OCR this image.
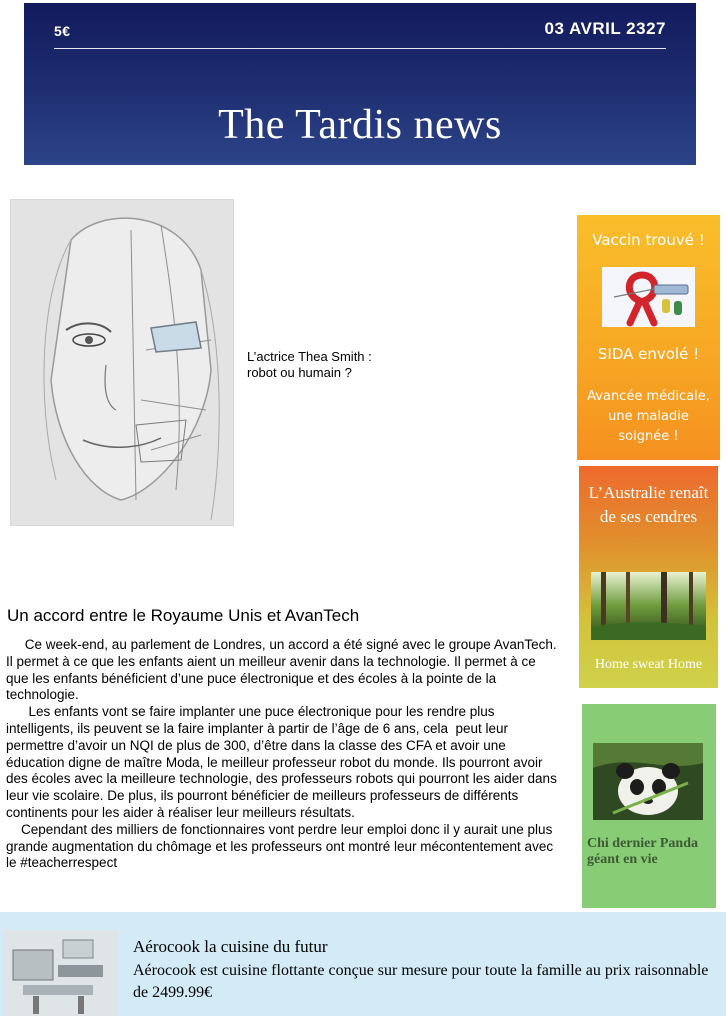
5€	03 AVRIL 2327
The Tardis news
L’actrice Thea Smith :
robot ou humain ?
Un accord entre le Royaume Unis et AvanTech

Ce week-end, au parlement de Londres, un accord a été signé avec le groupe AvanTech. Il permet à ce que les enfants aient un meilleur avenir dans la technologie. Il permet à ce que les enfants bénéficient d’une puce électronique et des écoles à la pointe de la technologie.

Les enfants vont se faire implanter une puce électronique pour les rendre plus intelligents, ils peuvent se la faire implanter à partir de l’âge de 6 ans, cela  peut leur permettre d’avoir un NQI de plus de 300, d’être dans la classe des CFA et avoir une éducation digne de maître Moda, le meilleur professeur robot du monde. Ils pourront avoir des écoles avec la meilleure technologie, des professeurs robots qui pourront les aider dans leur vie scolaire. De plus, ils pourront bénéficier de meilleurs professeurs de différents continents pour les aider à réaliser leur meilleurs résultats.

Cependant des milliers de fonctionnaires vont perdre leur emploi donc il y aurait une plus grande augmentation du chômage et les professeurs ont montré leur mécontentement avec le #teacherrespect

Vaccin trouvé !
SIDA envolé !
Avancée médicale, une maladie soignée !
L’Australie renaît de ses cendres
Home sweat Home
Chi dernier Panda géant en vie
Aérocook la cuisine du futur
Aérocook est cuisine flottante conçue sur mesure pour toute la famille au prix raisonnable  de 2499.99€
